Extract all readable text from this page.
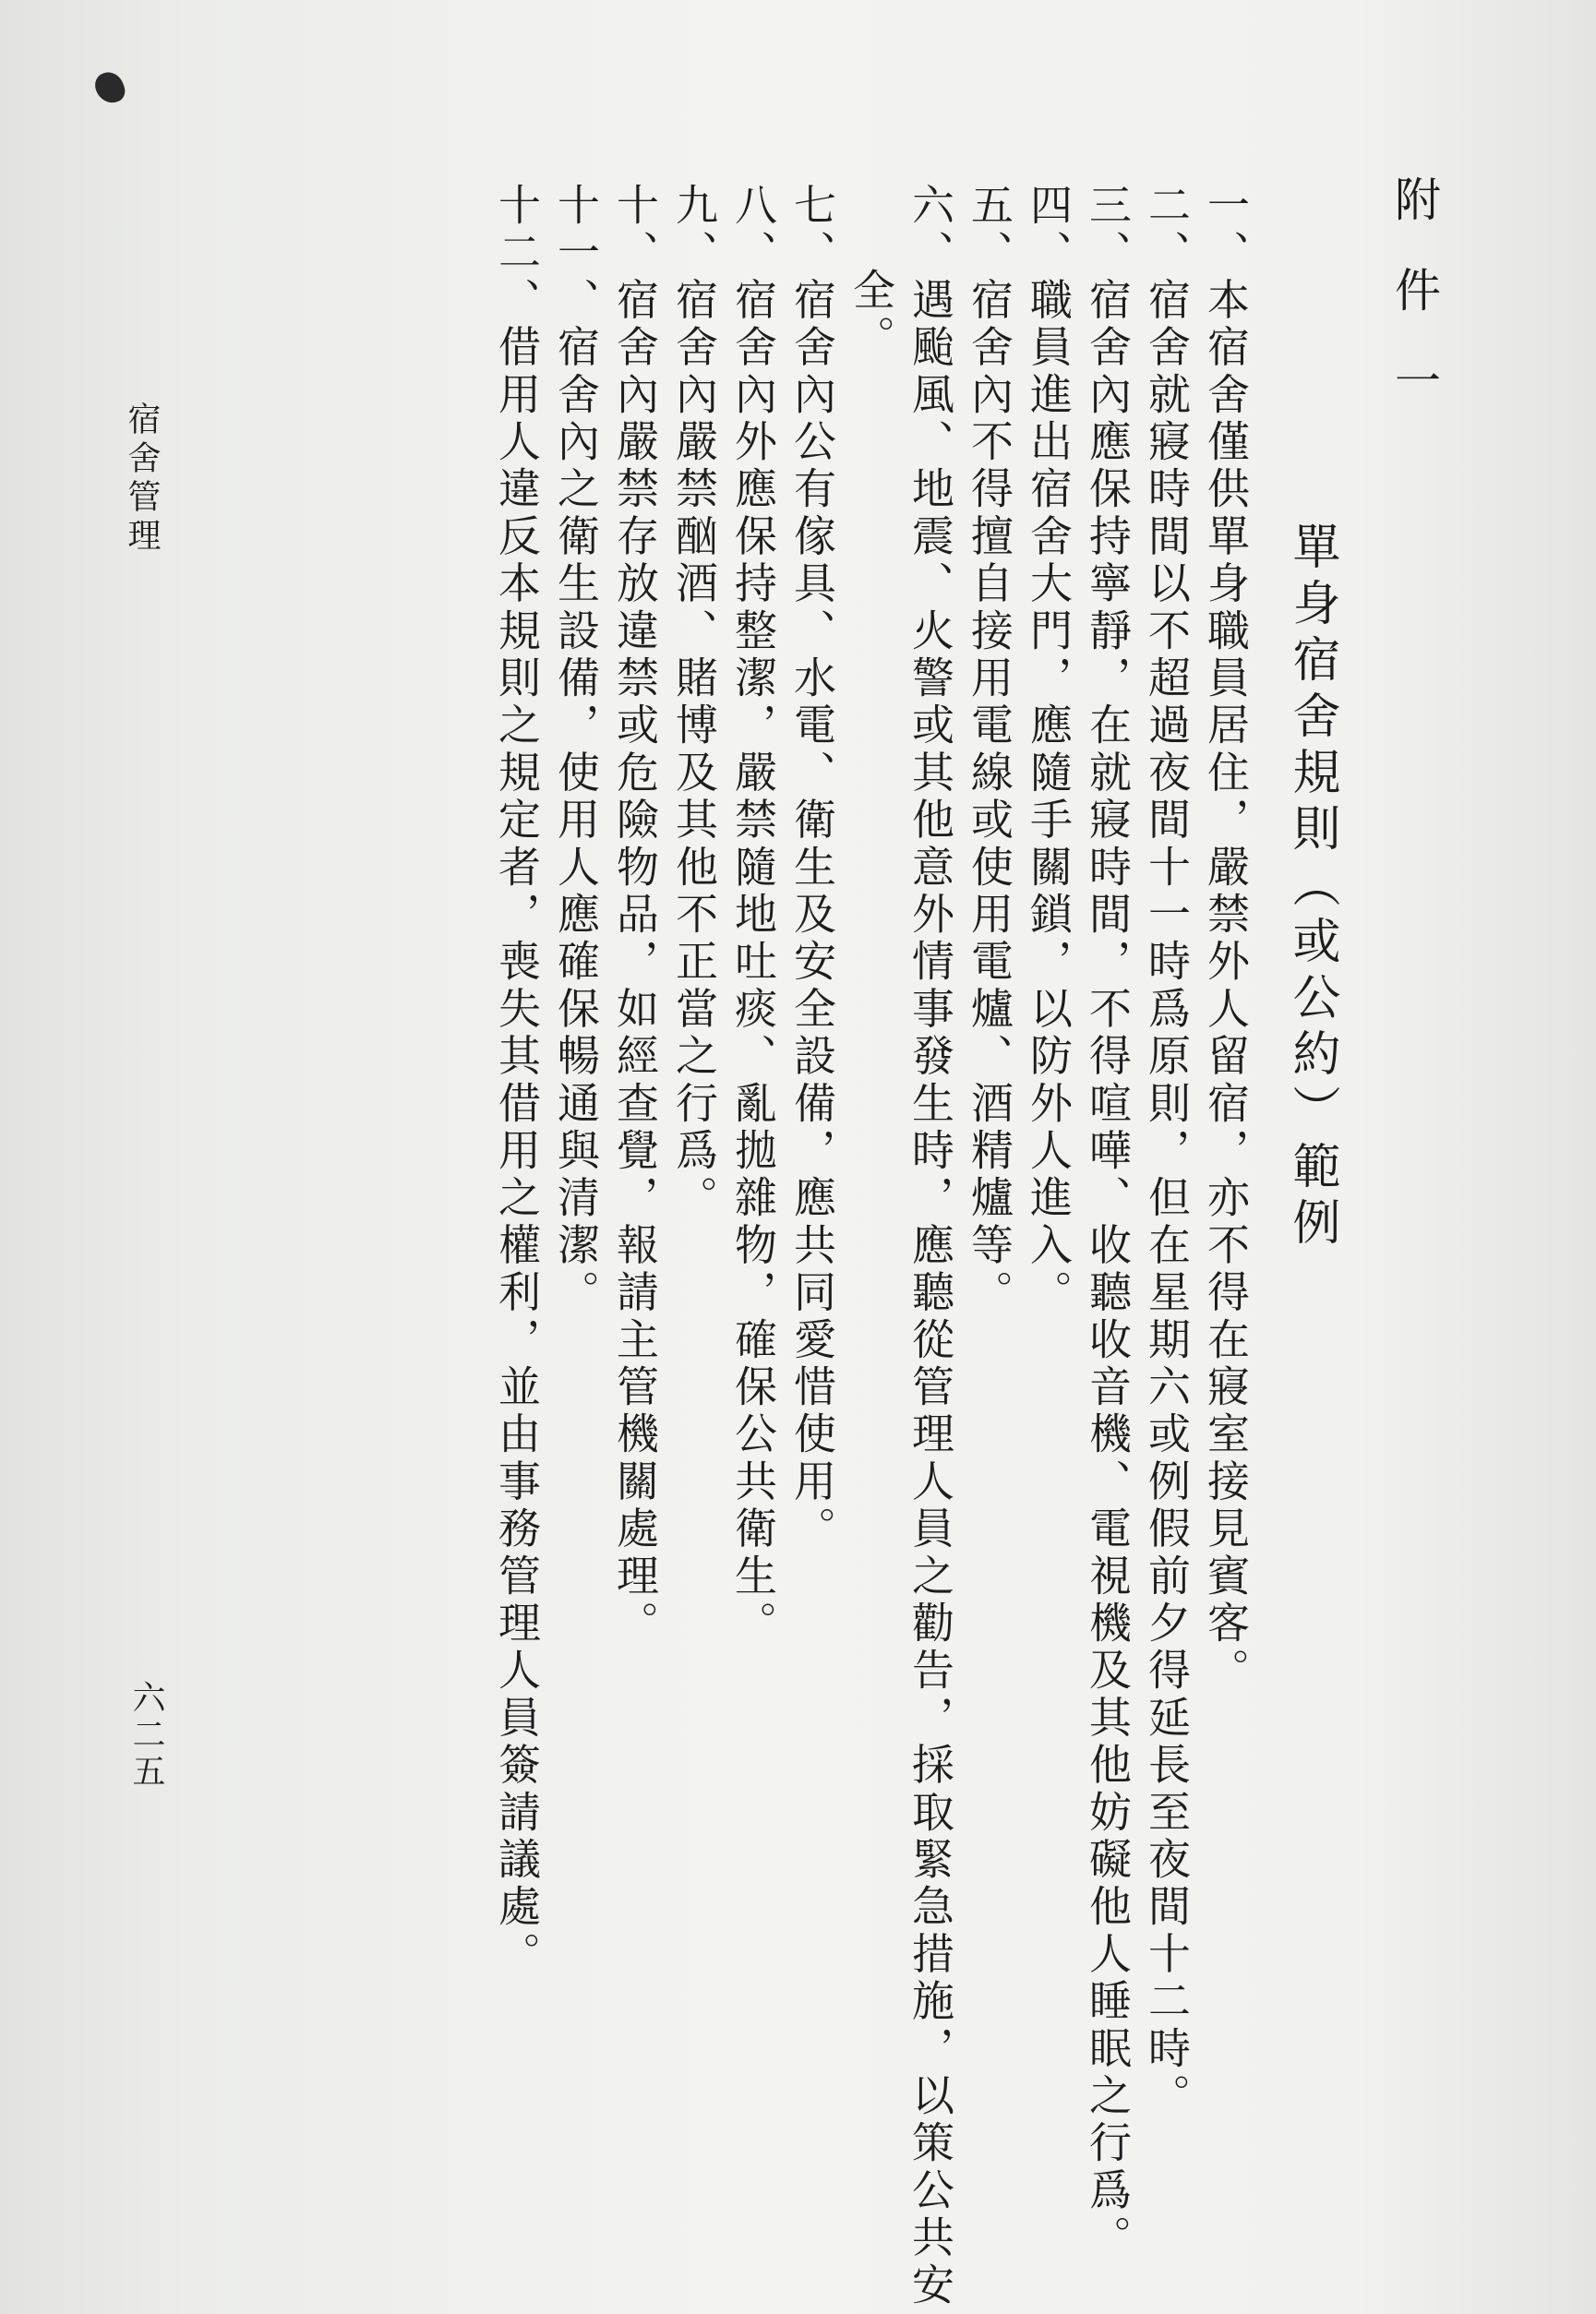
附件一
單身宿舍規則（或公約）範例
一、本宿舍僅供單身職員居住，嚴禁外人留宿，亦不得在寢室接見賓客。
二、宿舍就寢時間以不超過夜間十一時爲原則，但在星期六或例假前夕得延長至夜間十二時。
三、宿舍內應保持寧靜，在就寢時間，不得喧嘩、收聽收音機、電視機及其他妨礙他人睡眠之行爲。
四、職員進出宿舍大門，應隨手關鎖，以防外人進入。
五、宿舍內不得擅自接用電線或使用電爐、酒精爐等。
六、遇颱風、地震、火警或其他意外情事發生時，應聽從管理人員之勸告，採取緊急措施，以策公共安
全。
七、宿舍內公有傢具、水電、衛生及安全設備，應共同愛惜使用。
八、宿舍內外應保持整潔，嚴禁隨地吐痰、亂拋雜物，確保公共衛生。
九、宿舍內嚴禁酗酒、賭博及其他不正當之行爲。
十、宿舍內嚴禁存放違禁或危險物品，如經查覺，報請主管機關處理。
十一、宿舍內之衛生設備，使用人應確保暢通與清潔。
十二、借用人違反本規則之規定者，喪失其借用之權利，並由事務管理人員簽請議處。
宿舍管理
六二五
